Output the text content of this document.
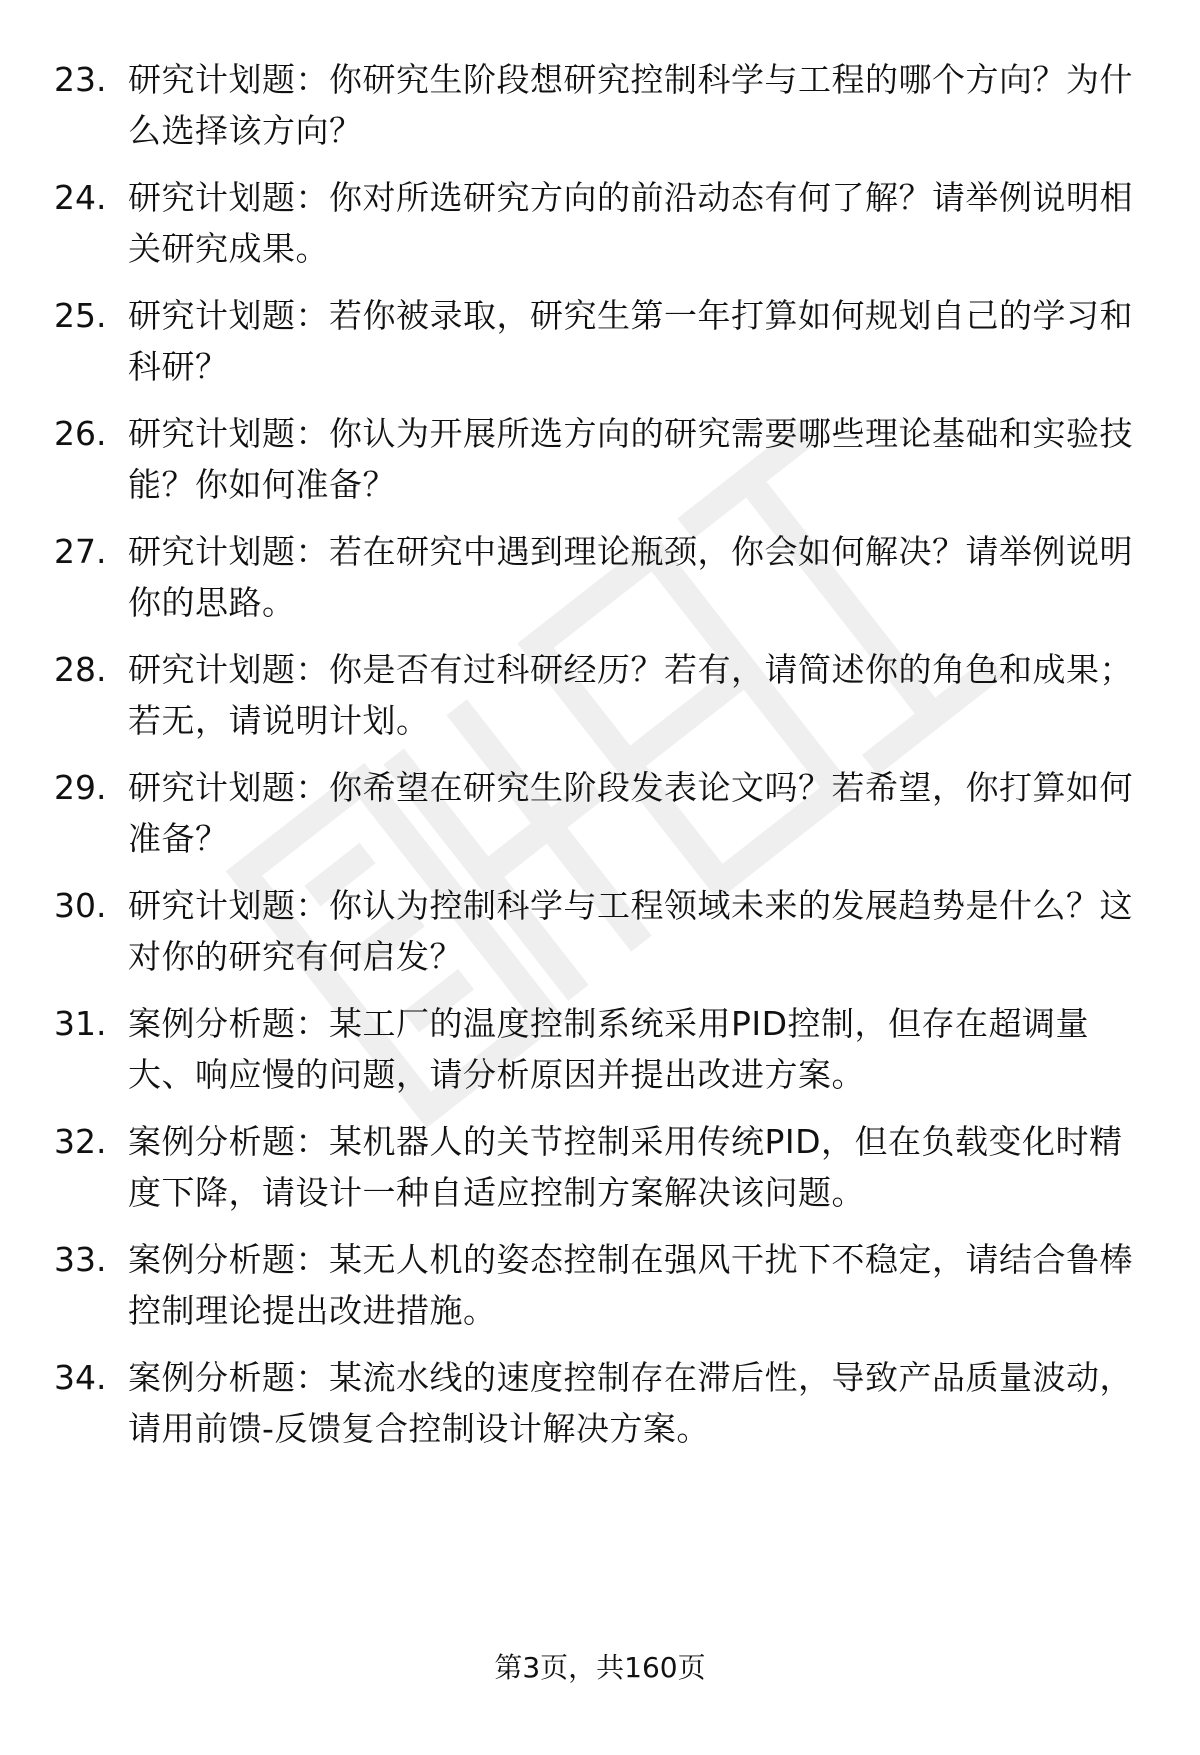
23. 研究计划题：你研究生阶段想研究控制科学与工程的哪个方向？为什么选择该方向？
24. 研究计划题：你对所选研究方向的前沿动态有何了解？请举例说明相关研究成果。
25. 研究计划题：若你被录取，研究生第一年打算如何规划自己的学习和科研？
26. 研究计划题：你认为开展所选方向的研究需要哪些理论基础和实验技能？你如何准备？
27. 研究计划题：若在研究中遇到理论瓶颈，你会如何解决？请举例说明你的思路。
28. 研究计划题：你是否有过科研经历？若有，请简述你的角色和成果；若无，请说明计划。
29. 研究计划题：你希望在研究生阶段发表论文吗？若希望，你打算如何准备？
30. 研究计划题：你认为控制科学与工程领域未来的发展趋势是什么？这对你的研究有何启发？
31. 案例分析题：某工厂的温度控制系统采用PID控制，但存在超调量大、响应慢的问题，请分析原因并提出改进方案。
32. 案例分析题：某机器人的关节控制采用传统PID，但在负载变化时精度下降，请设计一种自适应控制方案解决该问题。
33. 案例分析题：某无人机的姿态控制在强风干扰下不稳定，请结合鲁棒控制理论提出改进措施。
34. 案例分析题：某流水线的速度控制存在滞后性，导致产品质量波动，请用前馈-反馈复合控制设计解决方案。
第3页，共160页
